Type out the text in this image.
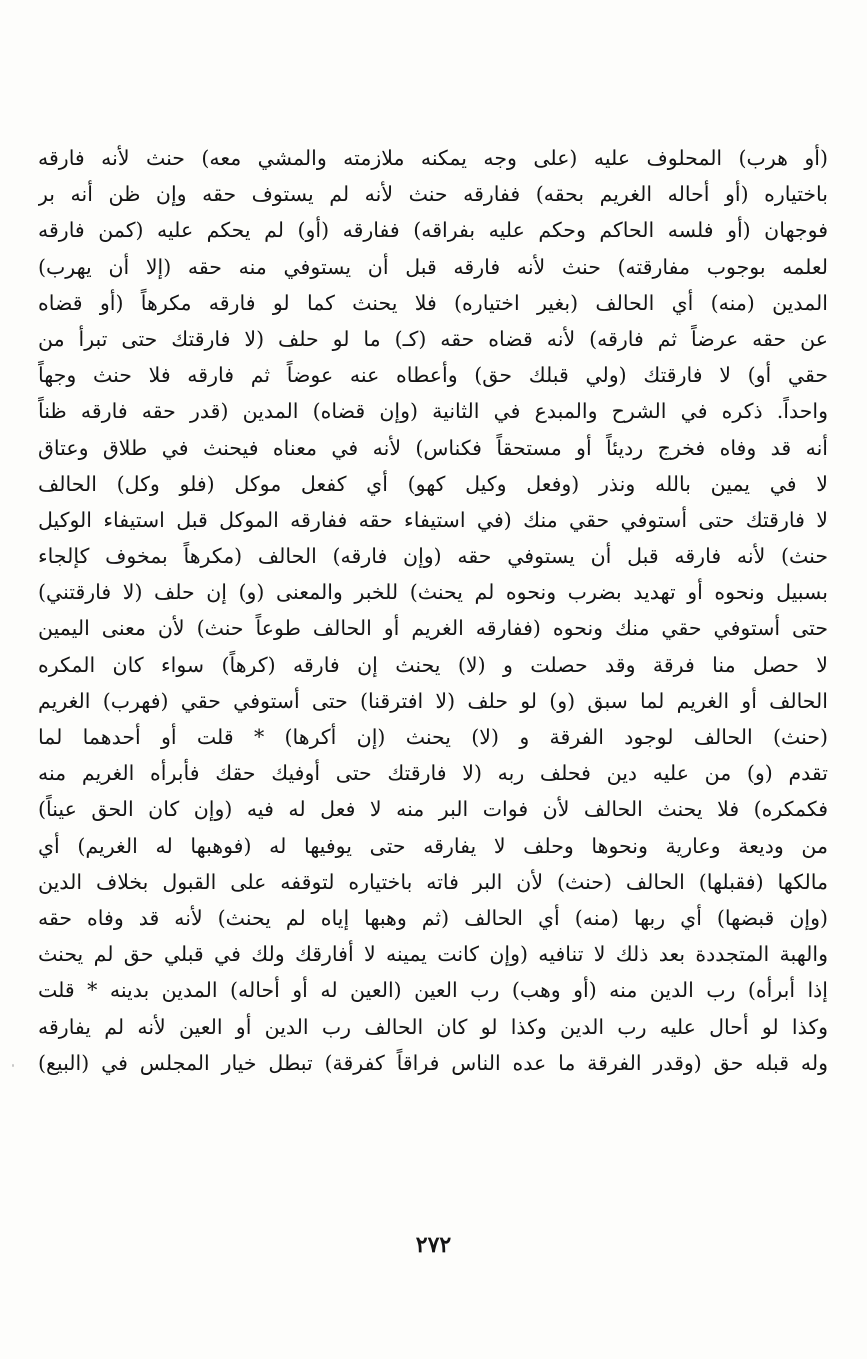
(أو هرب) المحلوف عليه (على وجه يمكنه ملازمته والمشي معه) حنث لأنه فارقه
باختياره (أو أحاله الغريم بحقه) ففارقه حنث لأنه لم يستوف حقه وإن ظن أنه بر
فوجهان (أو فلسه الحاكم وحكم عليه بفراقه) ففارقه (أو) لم يحكم عليه (كمن فارقه
لعلمه بوجوب مفارقته) حنث لأنه فارقه قبل أن يستوفي منه حقه (إلا أن يهرب)
المدين (منه) أي الحالف (بغير اختياره) فلا يحنث كما لو فارقه مكرهاً (أو قضاه
عن حقه عرضاً ثم فارقه) لأنه قضاه حقه (كـ) ما لو حلف (لا فارقتك حتى تبرأ من
حقي أو) لا فارقتك (ولي قبلك حق) وأعطاه عنه عوضاً ثم فارقه فلا حنث وجهاً
واحداً. ذكره في الشرح والمبدع في الثانية (وإن قضاه) المدين (قدر حقه فارقه ظناً
أنه قد وفاه فخرج رديئاً أو مستحقاً فكناس) لأنه في معناه فيحنث في طلاق وعتاق
لا في يمين بالله ونذر (وفعل وكيل كهو) أي كفعل موكل (فلو وكل) الحالف
لا فارقتك حتى أستوفي حقي منك (في استيفاء حقه ففارقه الموكل قبل استيفاء الوكيل
حنث) لأنه فارقه قبل أن يستوفي حقه (وإن فارقه) الحالف (مكرهاً بمخوف كإلجاء
بسبيل ونحوه أو تهديد بضرب ونحوه لم يحنث) للخبر والمعنى (و) إن حلف (لا فارقتني)
حتى أستوفي حقي منك ونحوه (ففارقه الغريم أو الحالف طوعاً حنث) لأن معنى اليمين
لا حصل منا فرقة وقد حصلت و (لا) يحنث إن فارقه (كرهاً) سواء كان المكره
الحالف أو الغريم لما سبق (و) لو حلف (لا افترقنا) حتى أستوفي حقي (فهرب) الغريم
(حنث) الحالف لوجود الفرقة و (لا) يحنث (إن أكرها) * قلت أو أحدهما لما
تقدم (و) من عليه دين فحلف ربه (لا فارقتك حتى أوفيك حقك فأبرأه الغريم منه
فكمكره) فلا يحنث الحالف لأن فوات البر منه لا فعل له فيه (وإن كان الحق عيناً)
من وديعة وعارية ونحوها وحلف لا يفارقه حتى يوفيها له (فوهبها له الغريم) أي
مالكها (فقبلها) الحالف (حنث) لأن البر فاته باختياره لتوقفه على القبول بخلاف الدين
(وإن قبضها) أي ربها (منه) أي الحالف (ثم وهبها إياه لم يحنث) لأنه قد وفاه حقه
والهبة المتجددة بعد ذلك لا تنافيه (وإن كانت يمينه لا أفارقك ولك في قبلي حق لم يحنث
إذا أبرأه) رب الدين منه (أو وهب) رب العين (العين له أو أحاله) المدين بدينه * قلت
وكذا لو أحال عليه رب الدين وكذا لو كان الحالف رب الدين أو العين لأنه لم يفارقه
وله قبله حق (وقدر الفرقة ما عده الناس فراقاً كفرقة) تبطل خيار المجلس في (البيع)
٢٧٢
